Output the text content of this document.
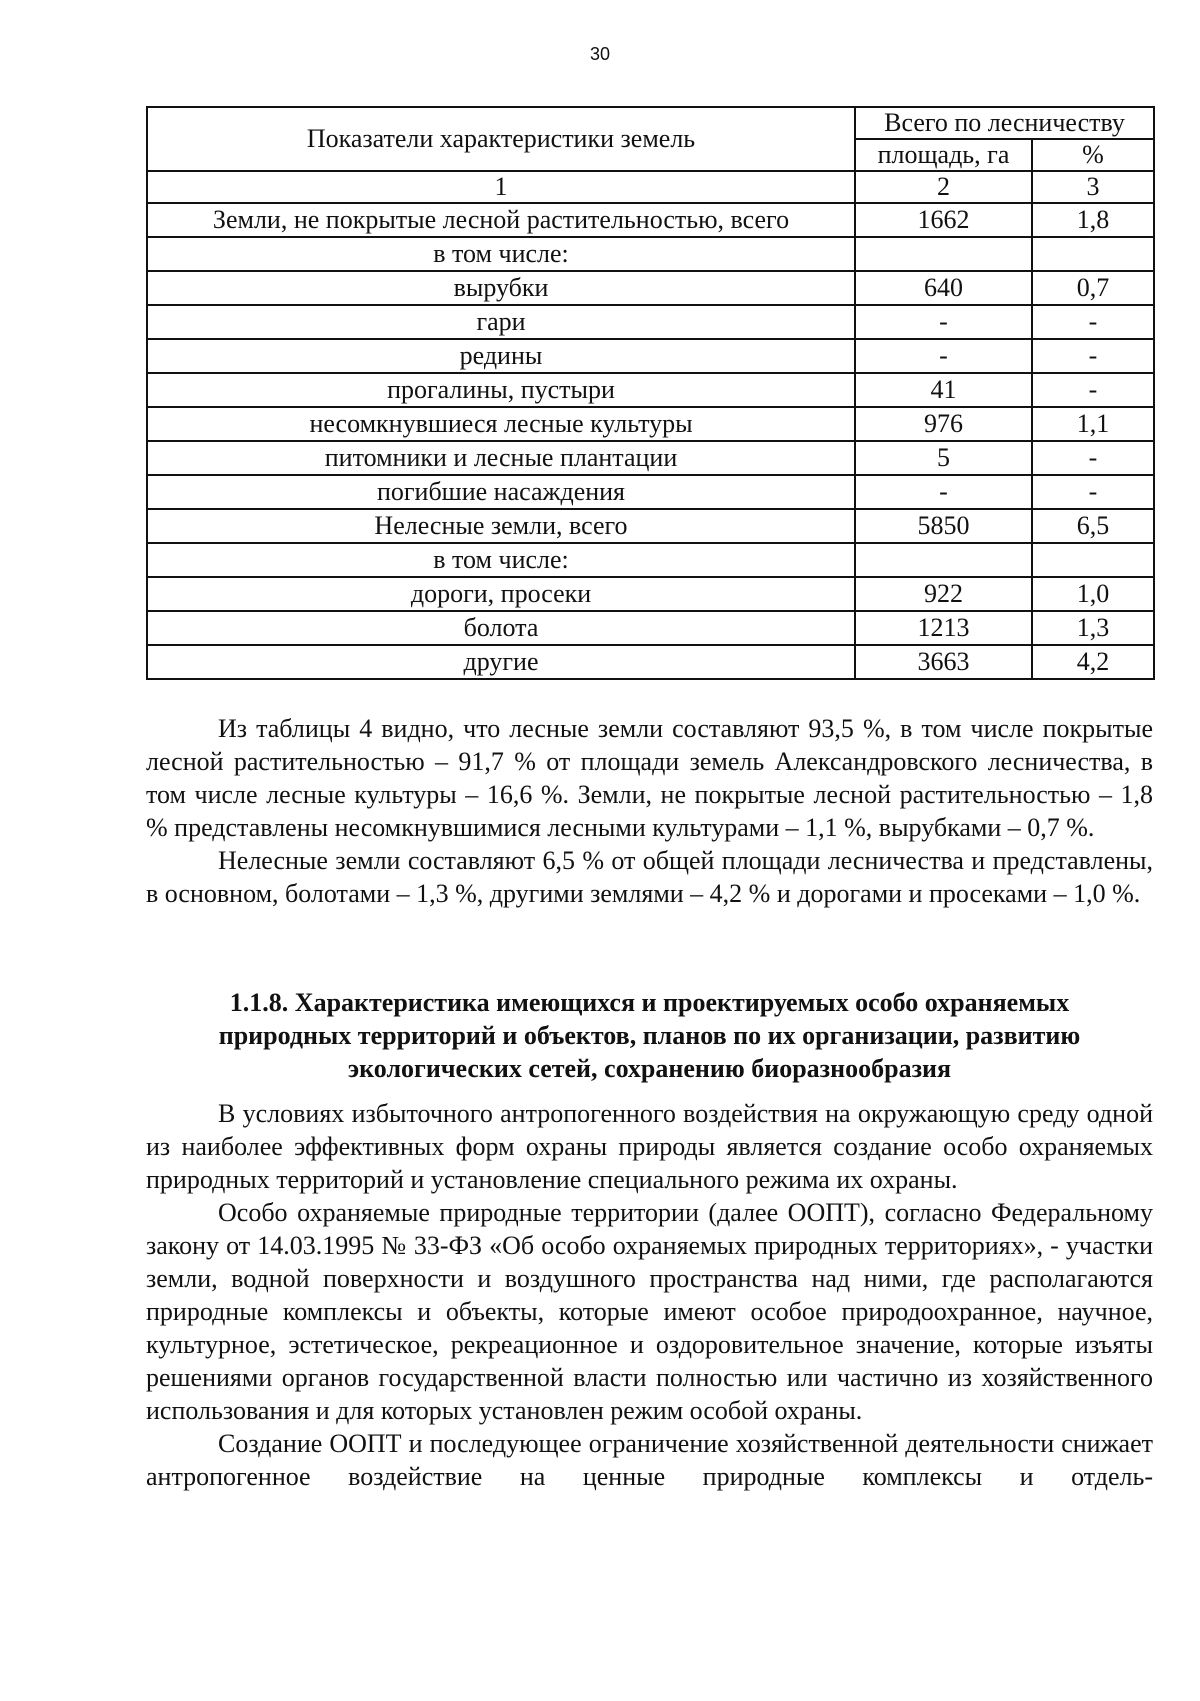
30
Показатели характеристики земель	Всего по лесничеству	
	площадь, га	%
1	2	3
Земли, не покрытые лесной растительностью, всего	1662	1,8
в том числе:		
вырубки	640	0,7
гари	-	-
редины	-	-
прогалины, пустыри	41	-
несомкнувшиеся лесные культуры	976	1,1
питомники и лесные плантации	5	-
погибшие насаждения	-	-
Нелесные земли, всего	5850	6,5
в том числе:		
дороги, просеки	922	1,0
болота	1213	1,3
другие	3663	4,2

Из таблицы 4 видно, что лесные земли составляют 93,5 %, в том числе покрытые лесной растительностью – 91,7 % от площади земель Александровского лесничества, в том числе лесные культуры – 16,6 %. Земли, не покрытые лесной растительностью – 1,8 % представлены несомкнувшимися лесными культурами – 1,1 %, вырубками – 0,7 %.

Нелесные земли составляют 6,5 % от общей площади лесничества и представлены, в основном, болотами – 1,3 %, другими землями – 4,2 % и дорогами и просеками – 1,0 %.

1.1.8. Характеристика имеющихся и проектируемых особо охраняемых
природных территорий и объектов, планов по их организации, развитию
экологических сетей, сохранению биоразнообразия

В условиях избыточного антропогенного воздействия на окружающую среду одной из наиболее эффективных форм охраны природы является создание особо охраняемых природных территорий и установление специального режима их охраны.

Особо охраняемые природные территории (далее ООПТ), согласно Федеральному закону от 14.03.1995 № 33-ФЗ «Об особо охраняемых природных территориях», - участки земли, водной поверхности и воздушного пространства над ними, где располагаются природные комплексы и объекты, которые имеют особое природоохранное, научное, культурное, эстетическое, рекреационное и оздоровительное значение, которые изъяты решениями органов государственной власти полностью или частично из хозяйственного использования и для которых установлен режим особой охраны.

Создание ООПТ и последующее ограничение хозяйственной деятельности снижает антропогенное воздействие на ценные природные комплексы и отдель-
